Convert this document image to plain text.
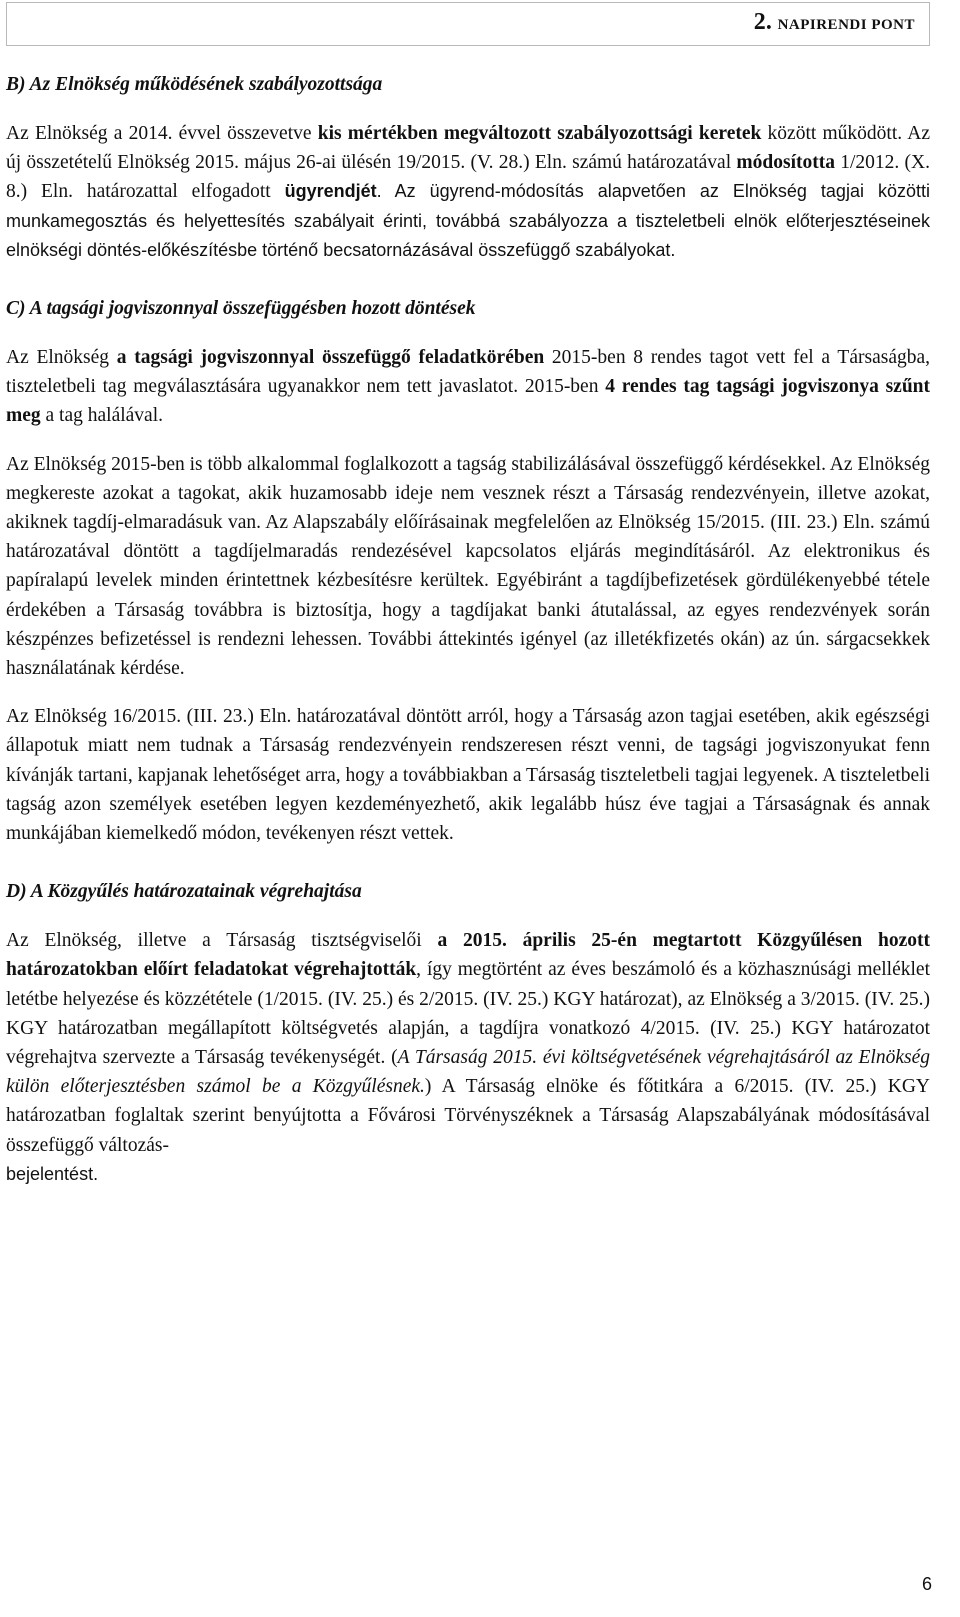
2. NAPIRENDI PONT
B) Az Elnökség működésének szabályozottsága

Az Elnökség a 2014. évvel összevetve kis mértékben megváltozott szabályozottsági keretek között működött. Az új összetételű Elnökség 2015. május 26-ai ülésén 19/2015. (V. 28.) Eln. számú határozatával módosította 1/2012. (X. 8.) Eln. határozattal elfogadott ügyrendjét. Az ügyrend-módosítás alapvetően az Elnökség tagjai közötti munkamegosztás és helyettesítés szabályait érinti, továbbá szabályozza a tiszteletbeli elnök előterjesztéseinek elnökségi döntés-előkészítésbe történő becsatornázásával összefüggő szabályokat.

C) A tagsági jogviszonnyal összefüggésben hozott döntések

Az Elnökség a tagsági jogviszonnyal összefüggő feladatkörében 2015-ben 8 rendes tagot vett fel a Társaságba, tiszteletbeli tag megválasztására ugyanakkor nem tett javaslatot. 2015-ben 4 rendes tag tagsági jogviszonya szűnt meg a tag halálával.

Az Elnökség 2015-ben is több alkalommal foglalkozott a tagság stabilizálásával összefüggő kérdésekkel. Az Elnökség megkereste azokat a tagokat, akik huzamosabb ideje nem vesznek részt a Társaság rendezvényein, illetve azokat, akiknek tagdíj-elmaradásuk van. Az Alapszabály előírásainak megfelelően az Elnökség 15/2015. (III. 23.) Eln. számú határozatával döntött a tagdíjelmaradás rendezésével kapcsolatos eljárás megindításáról. Az elektronikus és papíralapú levelek minden érintettnek kézbesítésre kerültek. Egyébiránt a tagdíjbefizetések gördülékenyebbé tétele érdekében a Társaság továbbra is biztosítja, hogy a tagdíjakat banki átutalással, az egyes rendezvények során készpénzes befizetéssel is rendezni lehessen. További áttekintés igényel (az illetékfizetés okán) az ún. sárgacsekkek használatának kérdése.

Az Elnökség 16/2015. (III. 23.) Eln. határozatával döntött arról, hogy a Társaság azon tagjai esetében, akik egészségi állapotuk miatt nem tudnak a Társaság rendezvényein rendszeresen részt venni, de tagsági jogviszonyukat fenn kívánják tartani, kapjanak lehetőséget arra, hogy a továbbiakban a Társaság tiszteletbeli tagjai legyenek. A tiszteletbeli tagság azon személyek esetében legyen kezdeményezhető, akik legalább húsz éve tagjai a Társaságnak és annak munkájában kiemelkedő módon, tevékenyen részt vettek.

D) A Közgyűlés határozatainak végrehajtása

Az Elnökség, illetve a Társaság tisztségviselői a 2015. április 25-én megtartott Közgyűlésen hozott határozatokban előírt feladatokat végrehajtották, így megtörtént az éves beszámoló és a közhasznúsági melléklet letétbe helyezése és közzététele (1/2015. (IV. 25.) és 2/2015. (IV. 25.) KGY határozat), az Elnökség a 3/2015. (IV. 25.) KGY határozatban megállapított költségvetés alapján, a tagdíjra vonatkozó 4/2015. (IV. 25.) KGY határozatot végrehajtva szervezte a Társaság tevékenységét. (A Társaság 2015. évi költségvetésének végrehajtásáról az Elnökség külön előterjesztésben számol be a Közgyűlésnek.) A Társaság elnöke és főtitkára a 6/2015. (IV. 25.) KGY határozatban foglaltak szerint benyújtotta a Fővárosi Törvényszéknek a Társaság Alapszabályának módosításával összefüggő változás-
bejelentést.

6
